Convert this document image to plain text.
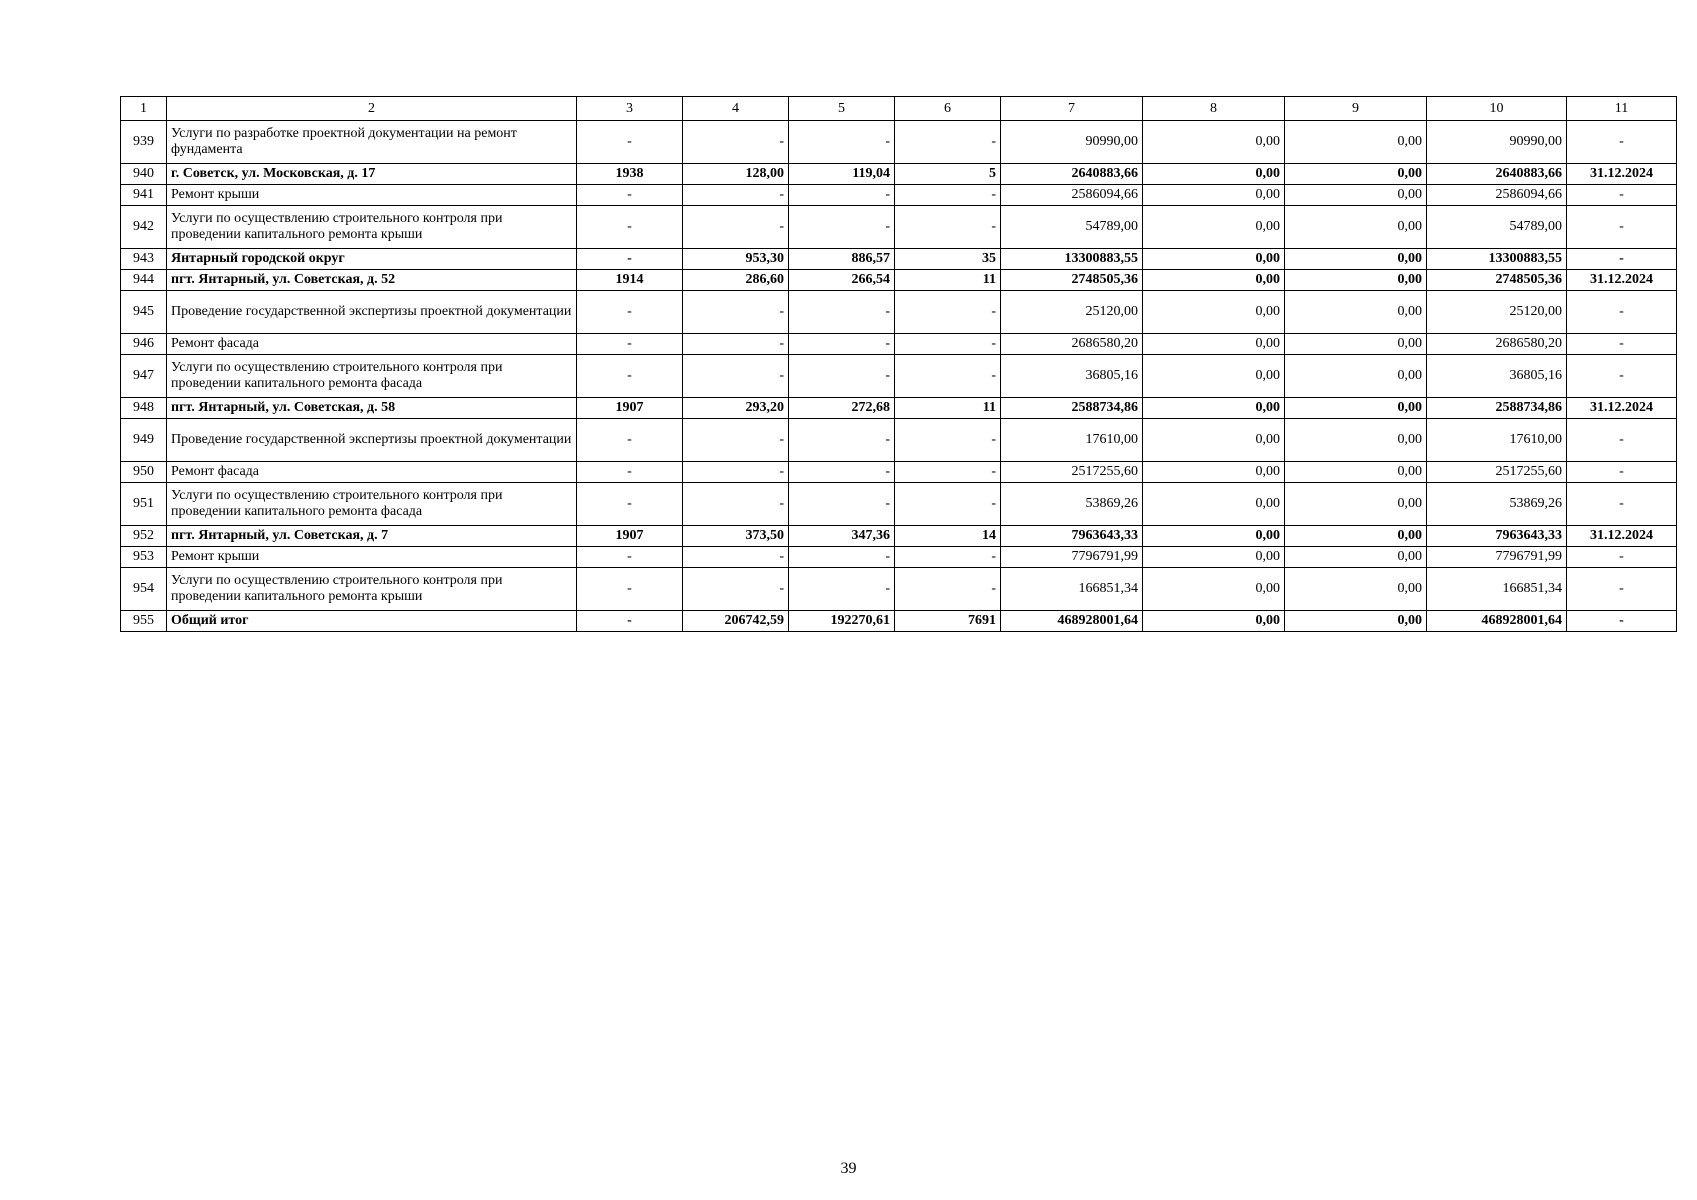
1	2	3	4	5	6	7	8	9	10	11
939	Услуги по разработке проектной документации на ремонт фундамента	-	-	-	-	90990,00	0,00	0,00	90990,00	-
940	г. Советск, ул. Московская, д. 17	1938	128,00	119,04	5	2640883,66	0,00	0,00	2640883,66	31.12.2024
941	Ремонт крыши	-	-	-	-	2586094,66	0,00	0,00	2586094,66	-
942	Услуги по осуществлению строительного контроля при проведении капитального ремонта крыши	-	-	-	-	54789,00	0,00	0,00	54789,00	-
943	Янтарный городской округ	-	953,30	886,57	35	13300883,55	0,00	0,00	13300883,55	-
944	пгт. Янтарный, ул. Советская, д. 52	1914	286,60	266,54	11	2748505,36	0,00	0,00	2748505,36	31.12.2024
945	Проведение государственной экспертизы проектной документации	-	-	-	-	25120,00	0,00	0,00	25120,00	-
946	Ремонт фасада	-	-	-	-	2686580,20	0,00	0,00	2686580,20	-
947	Услуги по осуществлению строительного контроля при проведении капитального ремонта фасада	-	-	-	-	36805,16	0,00	0,00	36805,16	-
948	пгт. Янтарный, ул. Советская, д. 58	1907	293,20	272,68	11	2588734,86	0,00	0,00	2588734,86	31.12.2024
949	Проведение государственной экспертизы проектной документации	-	-	-	-	17610,00	0,00	0,00	17610,00	-
950	Ремонт фасада	-	-	-	-	2517255,60	0,00	0,00	2517255,60	-
951	Услуги по осуществлению строительного контроля при проведении капитального ремонта фасада	-	-	-	-	53869,26	0,00	0,00	53869,26	-
952	пгт. Янтарный, ул. Советская, д. 7	1907	373,50	347,36	14	7963643,33	0,00	0,00	7963643,33	31.12.2024
953	Ремонт крыши	-	-	-	-	7796791,99	0,00	0,00	7796791,99	-
954	Услуги по осуществлению строительного контроля при проведении капитального ремонта крыши	-	-	-	-	166851,34	0,00	0,00	166851,34	-
955	Общий итог	-	206742,59	192270,61	7691	468928001,64	0,00	0,00	468928001,64	-
39
